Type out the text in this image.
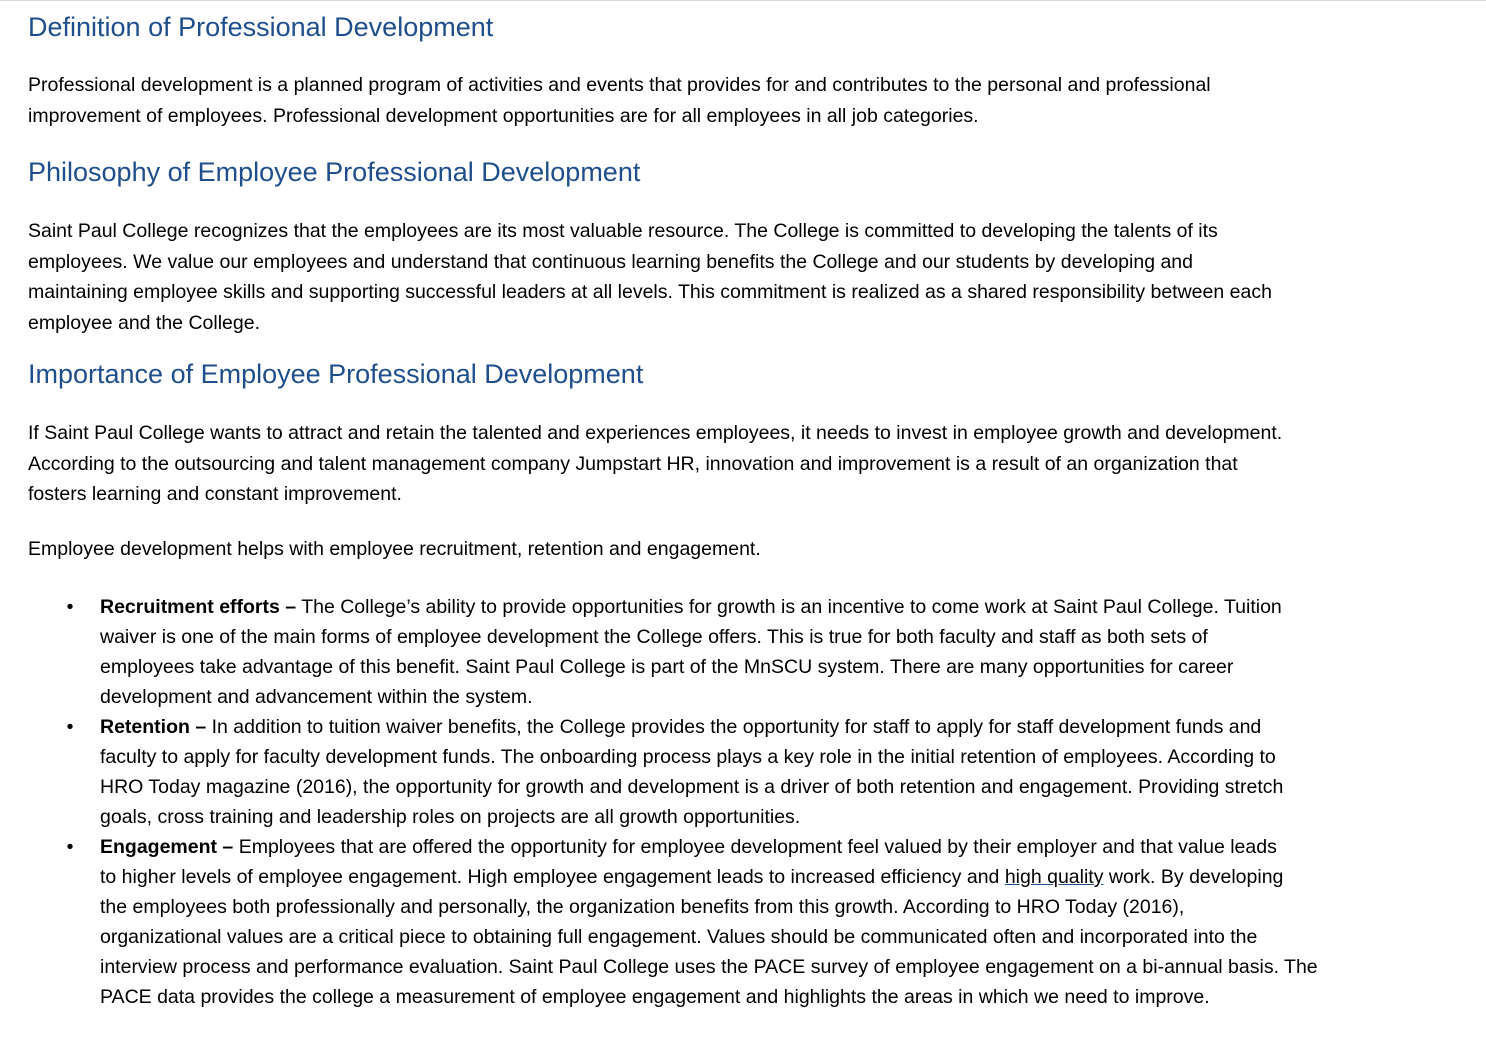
Definition of Professional Development

Professional development is a planned program of activities and events that provides for and contributes to the personal and professional
improvement of employees. Professional development opportunities are for all employees in all job categories.

Philosophy of Employee Professional Development

Saint Paul College recognizes that the employees are its most valuable resource. The College is committed to developing the talents of its
employees. We value our employees and understand that continuous learning benefits the College and our students by developing and
maintaining employee skills and supporting successful leaders at all levels. This commitment is realized as a shared responsibility between each
employee and the College.

Importance of Employee Professional Development

If Saint Paul College wants to attract and retain the talented and experiences employees, it needs to invest in employee growth and development.
According to the outsourcing and talent management company Jumpstart HR, innovation and improvement is a result of an organization that
fosters learning and constant improvement.

Employee development helps with employee recruitment, retention and engagement.

• Recruitment efforts – The College’s ability to provide opportunities for growth is an incentive to come work at Saint Paul College. Tuition
waiver is one of the main forms of employee development the College offers. This is true for both faculty and staff as both sets of
employees take advantage of this benefit. Saint Paul College is part of the MnSCU system. There are many opportunities for career
development and advancement within the system.
• Retention – In addition to tuition waiver benefits, the College provides the opportunity for staff to apply for staff development funds and
faculty to apply for faculty development funds. The onboarding process plays a key role in the initial retention of employees. According to
HRO Today magazine (2016), the opportunity for growth and development is a driver of both retention and engagement. Providing stretch
goals, cross training and leadership roles on projects are all growth opportunities.
• Engagement – Employees that are offered the opportunity for employee development feel valued by their employer and that value leads
to higher levels of employee engagement. High employee engagement leads to increased efficiency and high quality work. By developing
the employees both professionally and personally, the organization benefits from this growth. According to HRO Today (2016),
organizational values are a critical piece to obtaining full engagement. Values should be communicated often and incorporated into the
interview process and performance evaluation. Saint Paul College uses the PACE survey of employee engagement on a bi-annual basis. The
PACE data provides the college a measurement of employee engagement and highlights the areas in which we need to improve.
